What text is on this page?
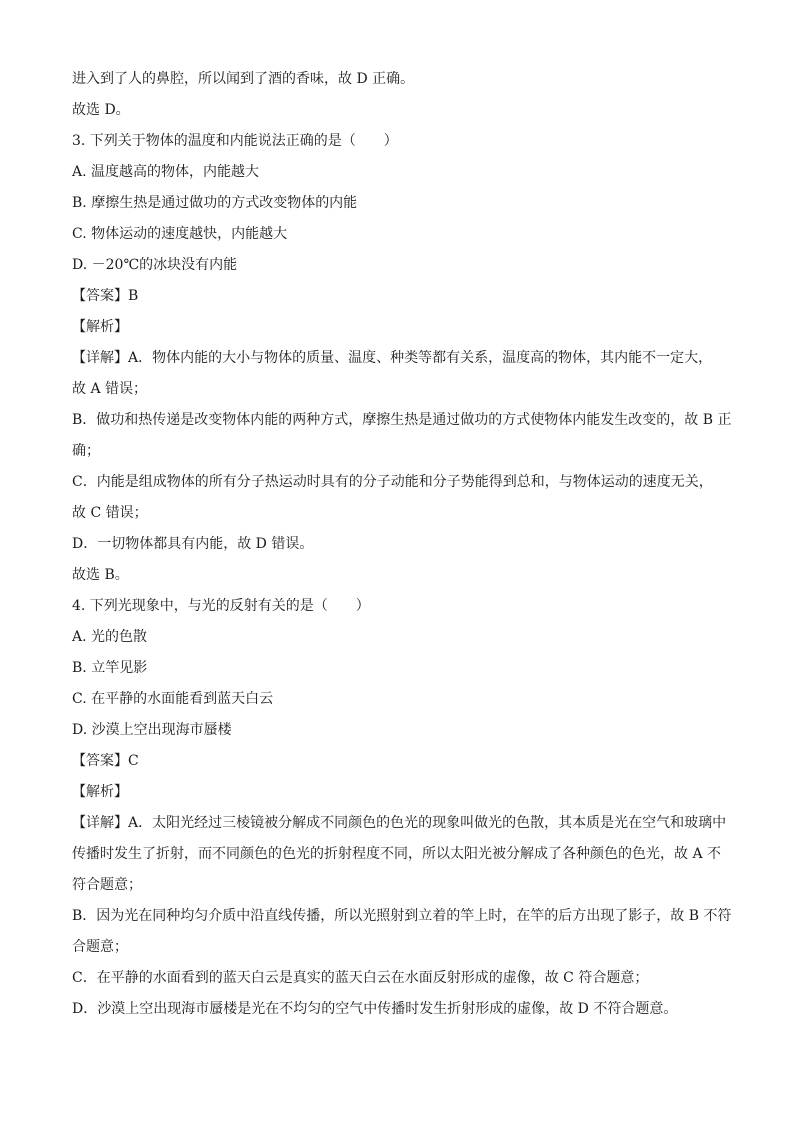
进入到了人的鼻腔，所以闻到了酒的香味，故 D 正确。
故选 D。
3. 下列关于物体的温度和内能说法正确的是（　　）
A. 温度越高的物体，内能越大
B. 摩擦生热是通过做功的方式改变物体的内能
C. 物体运动的速度越快，内能越大
D. －20℃的冰块没有内能
【答案】B
【解析】
【详解】A．物体内能的大小与物体的质量、温度、种类等都有关系，温度高的物体，其内能不一定大，
故 A 错误；
B．做功和热传递是改变物体内能的两种方式，摩擦生热是通过做功的方式使物体内能发生改变的，故 B 正
确；
C．内能是组成物体的所有分子热运动时具有的分子动能和分子势能得到总和，与物体运动的速度无关，
故 C 错误；
D．一切物体都具有内能，故 D 错误。
故选 B。
4. 下列光现象中，与光的反射有关的是（　　）
A. 光的色散
B. 立竿见影
C. 在平静的水面能看到蓝天白云
D. 沙漠上空出现海市蜃楼
【答案】C
【解析】
【详解】A．太阳光经过三棱镜被分解成不同颜色的色光的现象叫做光的色散，其本质是光在空气和玻璃中
传播时发生了折射，而不同颜色的色光的折射程度不同，所以太阳光被分解成了各种颜色的色光，故 A 不
符合题意；
B．因为光在同种均匀介质中沿直线传播，所以光照射到立着的竿上时，在竿的后方出现了影子，故 B 不符
合题意；
C．在平静的水面看到的蓝天白云是真实的蓝天白云在水面反射形成的虚像，故 C 符合题意；
D．沙漠上空出现海市蜃楼是光在不均匀的空气中传播时发生折射形成的虚像，故 D 不符合题意。
